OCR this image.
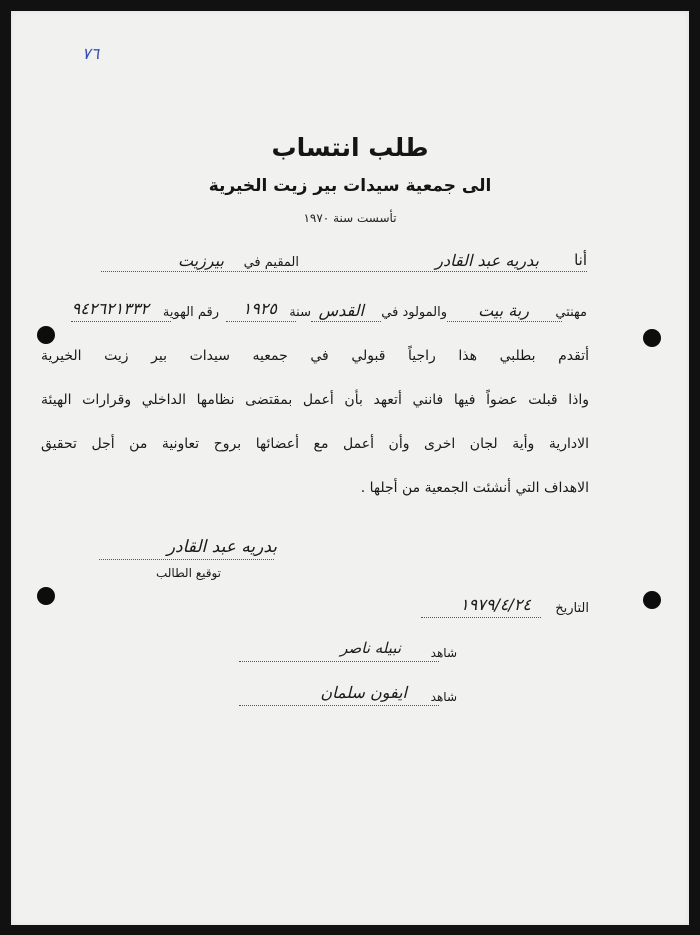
٧٦
طلب انتساب
الى جمعية سيدات بير زيت الخيرية
تأسست سنة ١٩٧٠
أنا
بدريه عبد القادر
المقيم في
بيرزيت
مهنتي
ربة بيت
والمولود في
القدس
سنة
١٩٢٥
رقم الهوية
٩٤٢٦٢١٣٣٢
أتقدم بطلبي هذا راجياً قبولي في جمعيه سيدات بير زيت الخيرية
واذا قبلت عضواً فيها فانني أتعهد بأن أعمل بمقتضى نظامها الداخلي وقرارات الهيئة
الادارية وأية لجان اخرى وأن أعمل مع أعضائها بروح تعاونية من أجل تحقيق
الاهداف التي أنشئت الجمعية من أجلها .
بدريه عبد القادر
توقيع الطالب
التاريخ
١٩٧٩/٤/٢٤
شاهد
نبيله ناصر
شاهد
ايفون سلمان
